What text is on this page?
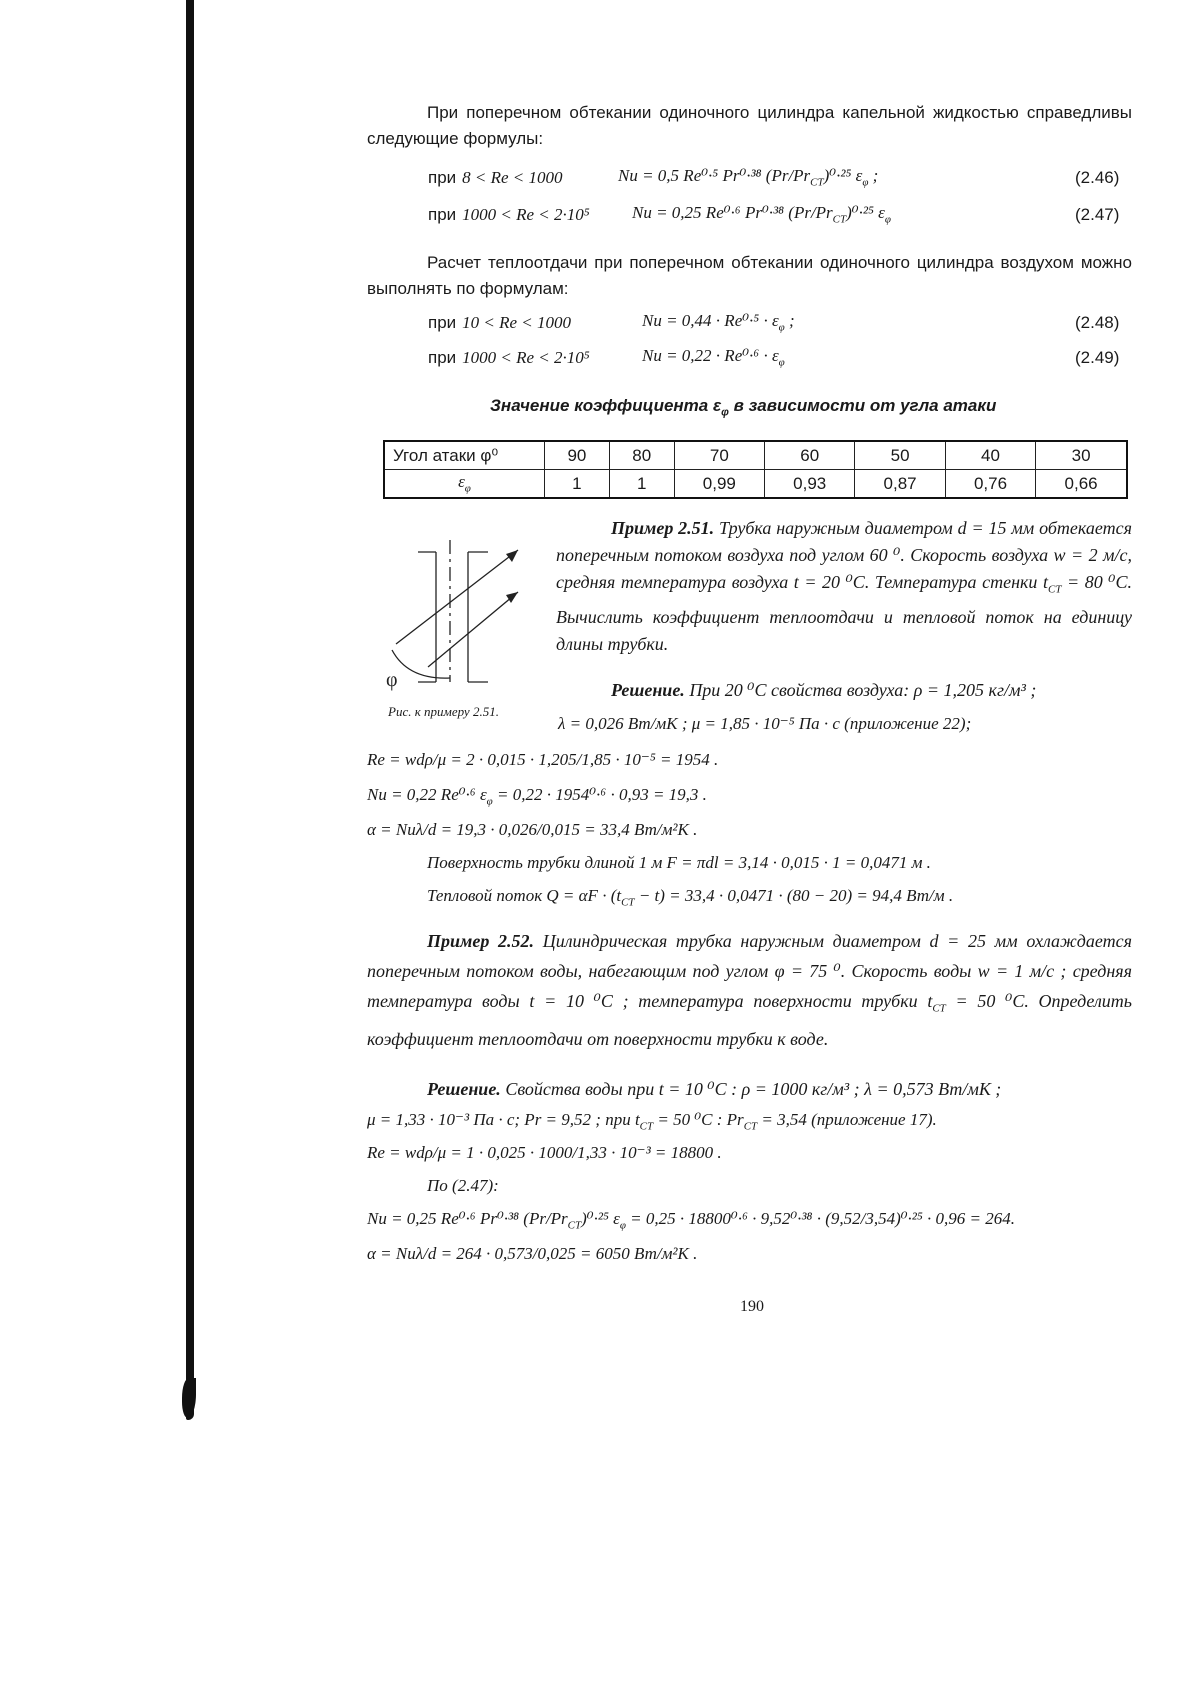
При поперечном обтекании одиночного цилиндра капельной жидкостью справедливы следующие формулы:
при 8 < Re < 1000	Nu = 0,5 Re⁰·⁵ Pr⁰·³⁸ $(Pr/Pr_{СТ})^0\cdot^{25}$ $\varepsilon_\varphi$ ;	(2.46)
при 1000 < Re < 2·10⁵ Nu = 0,25 Re⁰·⁶ Pr⁰·³⁸ $(Pr/Pr_{СТ})^0\cdot^{25}$ $\varepsilon_\varphi$	(2.47)
Расчет теплоотдачи при поперечном обтекании одиночного цилиндра воздухом можно выполнять по формулам:
при 10 < Re < 1000	$Nu = 0,44 \cdot Re^0\cdot^5 \cdot \varepsilon_\varphi$ ;	(2.48)
при 1000 < Re < 2·10⁵	$Nu = 0,22 \cdot Re^0\cdot^6 \cdot \varepsilon_\varphi$	(2.49)
Значение коэффициента $\varepsilon_\varphi$ в зависимости от угла атаки
Угол атаки φ⁰	90	80	70	60	50	40	30
$\varepsilon_\varphi$	1	1	0,99	0,93	0,87	0,76	0,66
φ
Рис. к примеру 2.51.
Пример 2.51. Трубка наружным диаметром d = 15 мм обтекается поперечным потоком воздуха под углом 60 ⁰. Скорость воздуха w = 2 м/с, средняя температура воздуха t = 20 ⁰С. Температура стенки $t_{СТ} = 80$ ⁰С. Вычислить коэффициент теплоотдачи и тепловой поток на единицу длины трубки.
Решение. При 20 ⁰С свойства воздуха: ρ = 1,205 кг/м³ ;
λ = 0,026 Вт/мК ; μ = 1,85 · 10⁻⁵ Па · с (приложение 22);
Re = wdρ/μ = 2 · 0,015 · 1,205/1,85 · 10⁻⁵ = 1954 .
Nu = 0,22 Re⁰·⁶ $\varepsilon_\varphi = 0,22 \cdot 1954^0\cdot^6 \cdot 0,93 = 19,3$ .
α = Nuλ/d = 19,3 · 0,026/0,015 = 33,4 Вт/м²К .
Поверхность трубки длиной 1 м F = πdl = 3,14 · 0,015 · 1 = 0,0471 м .
Тепловой поток $Q = \alpha F \cdot (t_{СТ} - t) = 33,4 \cdot 0,0471 \cdot (80 - 20) = 94,4$ Вт/м .
Пример 2.52. Цилиндрическая трубка наружным диаметром d = 25 мм охлаждается поперечным потоком воды, набегающим под углом φ = 75 ⁰. Скорость воды w = 1 м/с ; средняя температура воды t = 10 ⁰С ; температура поверхности трубки $t_{СТ} = 50$ ⁰С. Определить коэффициент теплоотдачи от поверхности трубки к воде.
Решение. Свойства воды при t = 10 ⁰С : ρ = 1000 кг/м³ ; λ = 0,573 Вт/мК ;
μ = 1,33 · 10⁻³ Па · с; Pr = 9,52 ; при $t_{СТ} = 50$ ⁰С : $Pr_{СТ} = 3,54$ (приложение 17).
Re = wdρ/μ = 1 · 0,025 · 1000/1,33 · 10⁻³ = 18800 .
По (2.47):
Nu = 0,25 Re⁰·⁶ Pr⁰·³⁸ $(Pr/Pr_{СТ})^0\cdot^{25}$ $\varepsilon_\varphi = 0,25 \cdot 18800^0\cdot^6 \cdot 9,52^0\cdot^{38} \cdot (9,52/3,54)^0\cdot^{25} \cdot 0,96 = 264$.
α = Nuλ/d = 264 · 0,573/0,025 = 6050 Вт/м²К .
190
